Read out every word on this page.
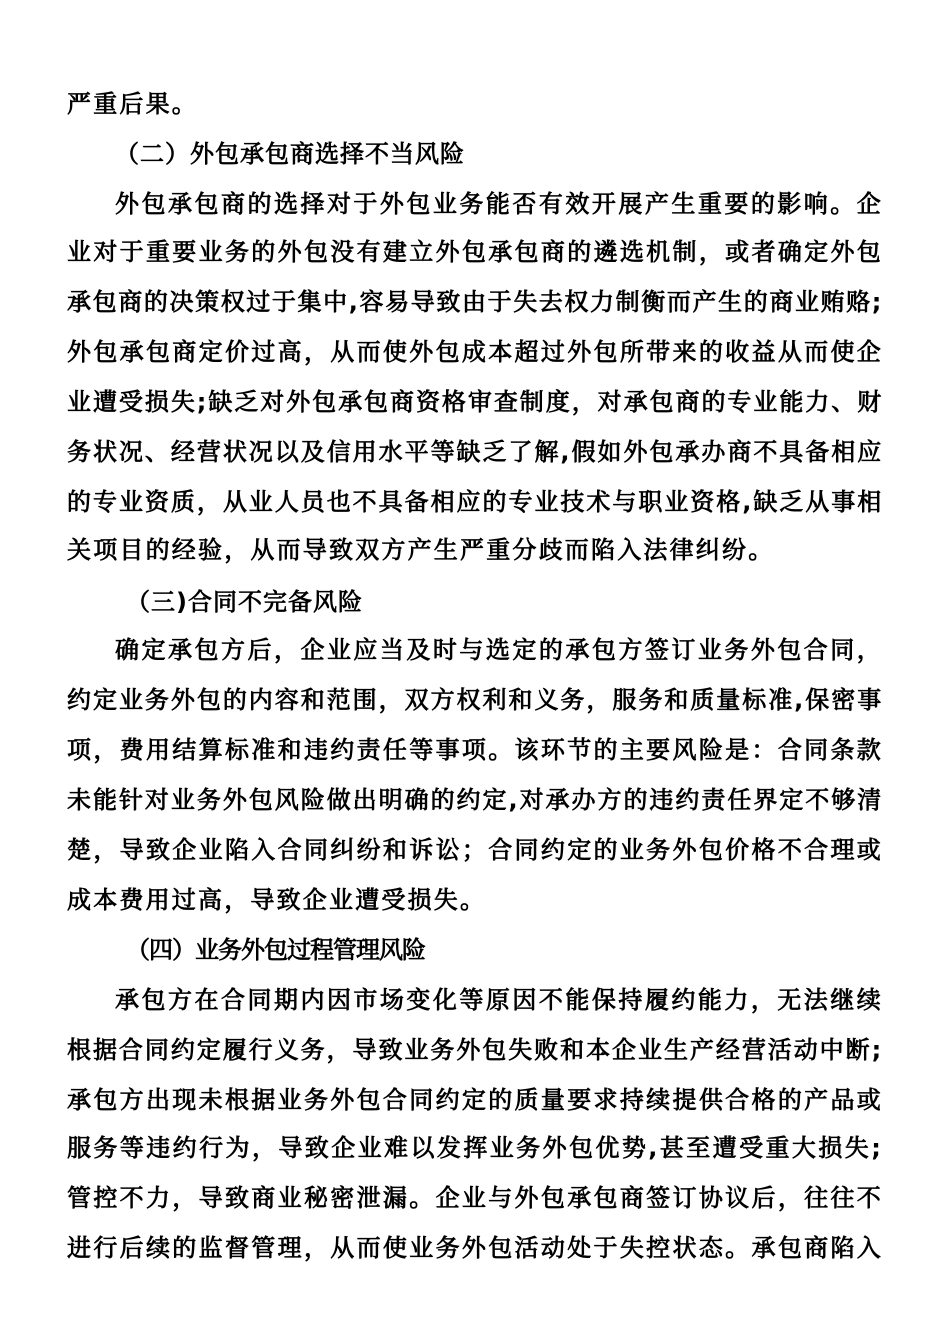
严重后果。
（二）外包承包商选择不当风险
外包承包商的选择对于外包业务能否有效开展产生重要的影响。企
业对于重要业务的外包没有建立外包承包商的遴选机制，或者确定外包
承包商的决策权过于集中,容易导致由于失去权力制衡而产生的商业贿赂;
外包承包商定价过高，从而使外包成本超过外包所带来的收益从而使企
业遭受损失;缺乏对外包承包商资格审查制度，对承包商的专业能力、财
务状况、经营状况以及信用水平等缺乏了解,假如外包承办商不具备相应
的专业资质，从业人员也不具备相应的专业技术与职业资格,缺乏从事相
关项目的经验，从而导致双方产生严重分歧而陷入法律纠纷。
（三)合同不完备风险
确定承包方后，企业应当及时与选定的承包方签订业务外包合同，
约定业务外包的内容和范围，双方权利和义务，服务和质量标准,保密事
项，费用结算标准和违约责任等事项。该环节的主要风险是：合同条款
未能针对业务外包风险做出明确的约定,对承办方的违约责任界定不够清
楚，导致企业陷入合同纠纷和诉讼；合同约定的业务外包价格不合理或
成本费用过高，导致企业遭受损失。
（四）业务外包过程管理风险
承包方在合同期内因市场变化等原因不能保持履约能力，无法继续
根据合同约定履行义务，导致业务外包失败和本企业生产经营活动中断;
承包方出现未根据业务外包合同约定的质量要求持续提供合格的产品或
服务等违约行为，导致企业难以发挥业务外包优势,甚至遭受重大损失;
管控不力，导致商业秘密泄漏。企业与外包承包商签订协议后，往往不
进行后续的监督管理，从而使业务外包活动处于失控状态。承包商陷入
